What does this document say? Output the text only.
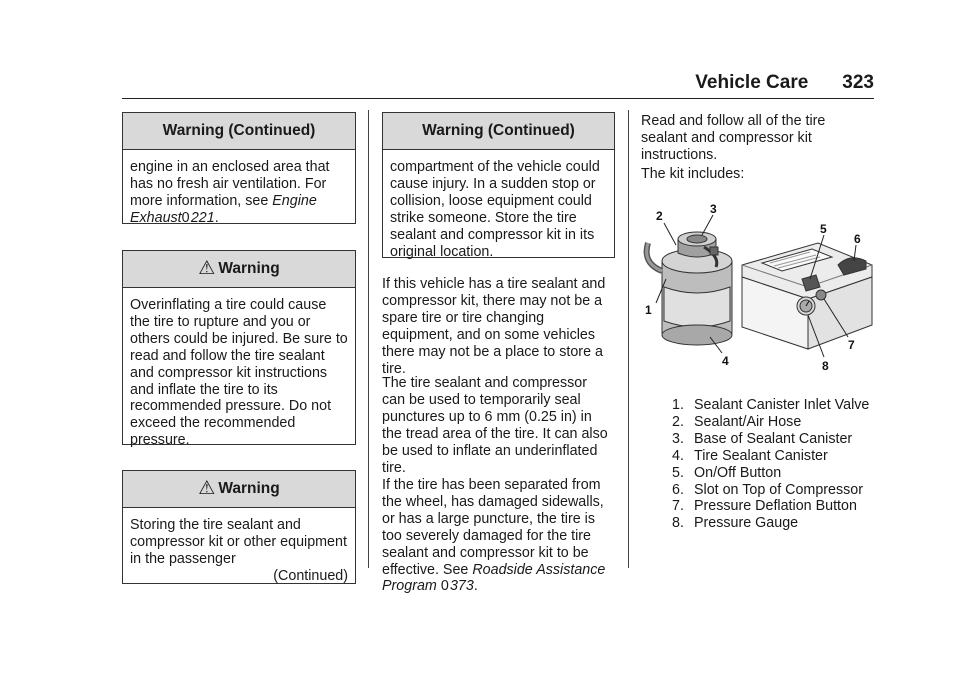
Vehicle Care 323
Warning (Continued)
engine in an enclosed area that has no fresh air ventilation. For more information, see Engine Exhaust0 221.
⚠ Warning
Overinflating a tire could cause the tire to rupture and you or others could be injured. Be sure to read and follow the tire sealant and compressor kit instructions and inflate the tire to its recommended pressure. Do not exceed the recommended pressure.
⚠ Warning
Storing the tire sealant and compressor kit or other equipment in the passenger
(Continued)
Warning (Continued)
compartment of the vehicle could cause injury. In a sudden stop or collision, loose equipment could strike someone. Store the tire sealant and compressor kit in its original location.

If this vehicle has a tire sealant and compressor kit, there may not be a spare tire or tire changing equipment, and on some vehicles there may not be a place to store a tire.

The tire sealant and compressor can be used to temporarily seal punctures up to 6 mm (0.25 in) in the tread area of the tire. It can also be used to inflate an underinflated tire.

If the tire has been separated from the wheel, has damaged sidewalls, or has a large puncture, the tire is too severely damaged for the tire sealant and compressor kit to be effective. See Roadside Assistance Program 0 373.

Read and follow all of the tire sealant and compressor kit instructions.

The kit includes:

2	3
1
4
5
6
7
8
1. Sealant Canister Inlet Valve
2. Sealant/Air Hose
3. Base of Sealant Canister
4. Tire Sealant Canister
5. On/Off Button
6. Slot on Top of Compressor
7. Pressure Deflation Button
8. Pressure Gauge
